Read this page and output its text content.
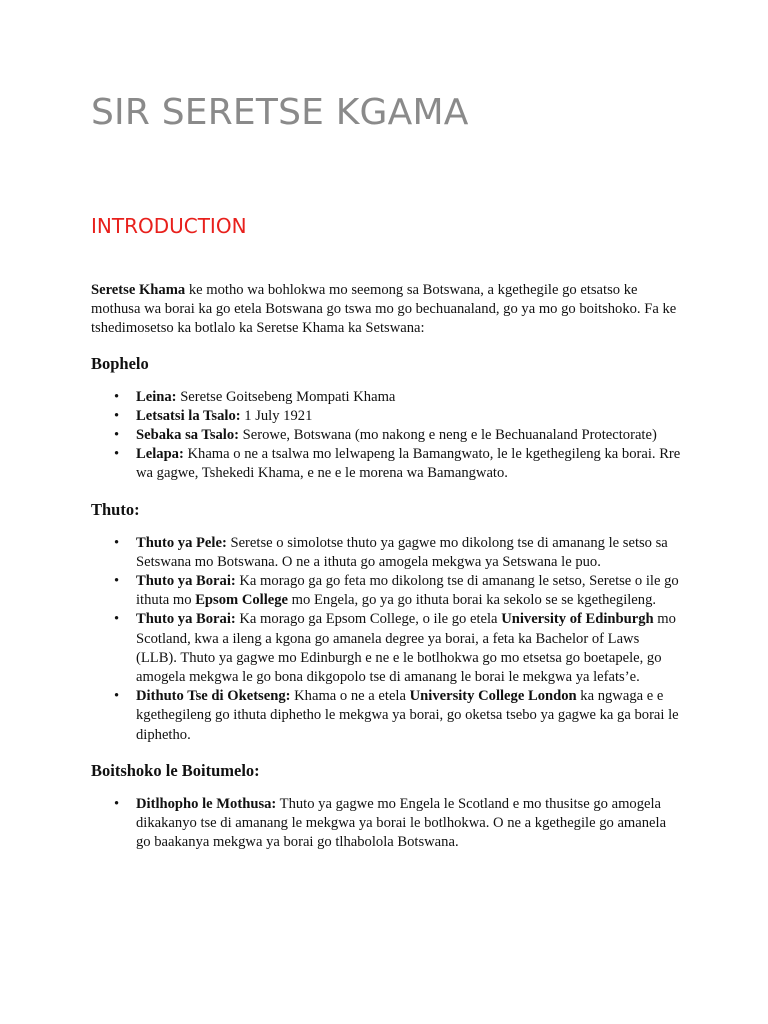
SIR SERETSE KGAMA
INTRODUCTION

Seretse Khama ke motho wa bohlokwa mo seemong sa Botswana, a kgethegile go etsatso ke mothusa wa borai ka go etela Botswana go tswa mo go bechuanaland, go ya mo go boitshoko. Fa ke tshedimosetso ka botlalo ka Seretse Khama ka Setswana:

Bophelo
• Leina: Seretse Goitsebeng Mompati Khama
• Letsatsi la Tsalo: 1 July 1921
• Sebaka sa Tsalo: Serowe, Botswana (mo nakong e neng e le Bechuanaland Protectorate)
• Lelapa: Khama o ne a tsalwa mo lelwapeng la Bamangwato, le le kgethegileng ka borai. Rre wa gagwe, Tshekedi Khama, e ne e le morena wa Bamangwato.
Thuto:
• Thuto ya Pele: Seretse o simolotse thuto ya gagwe mo dikolong tse di amanang le setso sa Setswana mo Botswana. O ne a ithuta go amogela mekgwa ya Setswana le puo.
• Thuto ya Borai: Ka morago ga go feta mo dikolong tse di amanang le setso, Seretse o ile go ithuta mo Epsom College mo Engela, go ya go ithuta borai ka sekolo se se kgethegileng.
• Thuto ya Borai: Ka morago ga Epsom College, o ile go etela University of Edinburgh mo Scotland, kwa a ileng a kgona go amanela degree ya borai, a feta ka Bachelor of Laws (LLB). Thuto ya gagwe mo Edinburgh e ne e le botlhokwa go mo etsetsa go boetapele, go amogela mekgwa le go bona dikgopolo tse di amanang le borai le mekgwa ya lefats’e.
• Dithuto Tse di Oketseng: Khama o ne a etela University College London ka ngwaga e e kgethegileng go ithuta diphetho le mekgwa ya borai, go oketsa tsebo ya gagwe ka ga borai le diphetho.
Boitshoko le Boitumelo:
• Ditlhopho le Mothusa: Thuto ya gagwe mo Engela le Scotland e mo thusitse go amogela dikakanyo tse di amanang le mekgwa ya borai le botlhokwa. O ne a kgethegile go amanela go baakanya mekgwa ya borai go tlhabolola Botswana.
